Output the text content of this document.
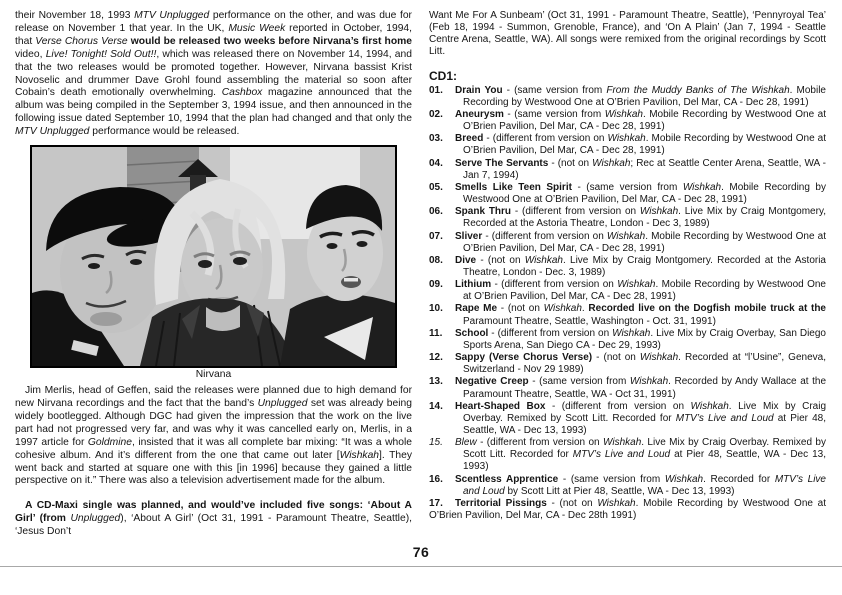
their November 18, 1993 MTV Unplugged performance on the other, and was due for release on November 1 that year. In the UK, Music Week reported in October, 1994, that Verse Chorus Verse would be released two weeks before Nirvana’s first home video, Live! Tonight! Sold Out!!, which was released there on November 14, 1994, and that the two releases would be promoted together. However, Nirvana bassist Krist Novoselic and drummer Dave Grohl found assembling the material so soon after Cobain’s death emotionally overwhelming. Cashbox magazine announced that the album was being compiled in the September 3, 1994 issue, and then announced in the following issue dated September 10, 1994 that the plan had changed and that only the MTV Unplugged performance would be released.

Nirvana

Jim Merlis, head of Geffen, said the releases were planned due to high demand for new Nirvana recordings and the fact that the band’s Unplugged set was already being widely bootlegged. Although DGC had given the impression that the work on the live part had not progressed very far, and was why it was cancelled early on, Merlis, in a 1997 article for Goldmine, insisted that it was all complete bar mixing: “It was a whole cohesive album. And it’s different from the one that came out later [Wishkah]. They went back and started at square one with this [in 1996] because they gained a little perspective on it.” There was also a television advertisement made for the album.

A CD-Maxi single was planned, and would’ve included five songs: ‘About A Girl’ (from Unplugged), ‘About A Girl’ (Oct 31, 1991 - Paramount Theatre, Seattle), ‘Jesus Don’t

Want Me For A Sunbeam’ (Oct 31, 1991 - Paramount Theatre, Seattle), ‘Pennyroyal Tea’ (Feb 18, 1994 - Summon, Grenoble, France), and ‘On A Plain’ (Jan 7, 1994 - Seattle Centre Arena, Seattle, WA). All songs were remixed from the original recordings by Scott Litt.

CD1:
01. Drain You - (same version from From the Muddy Banks of The Wishkah. Mobile Recording by Westwood One at O’Brien Pavilion, Del Mar, CA - Dec 28, 1991)
02. Aneurysm - (same version from Wishkah. Mobile Recording by Westwood One at O’Brien Pavilion, Del Mar, CA - Dec 28, 1991)
03. Breed - (different from version on Wishkah. Mobile Recording by Westwood One at O’Brien Pavilion, Del Mar, CA - Dec 28, 1991)
04. Serve The Servants - (not on Wishkah; Rec at Seattle Center Arena, Seattle, WA - Jan 7, 1994)
05. Smells Like Teen Spirit - (same version from Wishkah. Mobile Recording by Westwood One at O’Brien Pavilion, Del Mar, CA - Dec 28, 1991)
06. Spank Thru - (different from version on Wishkah. Live Mix by Craig Montgomery, Recorded at the Astoria Theatre, London - Dec 3, 1989)
07. Sliver - (different from version on Wishkah. Mobile Recording by Westwood One at O’Brien Pavilion, Del Mar, CA - Dec 28, 1991)
08. Dive - (not on Wishkah. Live Mix by Craig Montgomery. Recorded at the Astoria Theatre, London - Dec. 3, 1989)
09. Lithium - (different from version on Wishkah. Mobile Recording by Westwood One at O’Brien Pavilion, Del Mar, CA - Dec 28, 1991)
10. Rape Me - (not on Wishkah. Recorded live on the Dogfish mobile truck at the Paramount Theatre, Seattle, Washington - Oct. 31, 1991)
11. School - (different from version on Wishkah. Live Mix by Craig Overbay, San Diego Sports Arena, San Diego CA - Dec 29, 1993)
12. Sappy (Verse Chorus Verse) - (not on Wishkah. Recorded at “l’Usine”, Geneva, Switzerland - Nov 29 1989)
13. Negative Creep - (same version from Wishkah. Recorded by Andy Wallace at the Paramount Theatre, Seattle, WA - Oct 31, 1991)
14. Heart-Shaped Box - (different from version on Wishkah. Live Mix by Craig Overbay. Remixed by Scott Litt. Recorded for MTV’s Live and Loud at Pier 48, Seattle, WA - Dec 13, 1993)
15. Blew - (different from version on Wishkah. Live Mix by Craig Overbay. Remixed by Scott Litt. Recorded for MTV’s Live and Loud at Pier 48, Seattle, WA - Dec 13, 1993)
16. Scentless Apprentice - (same version from Wishkah. Recorded for MTV’s Live and Loud by Scott Litt at Pier 48, Seattle, WA - Dec 13, 1993)
17. Territorial Pissings - (not on Wishkah. Mobile Recording by Westwood One at O’Brien Pavilion, Del Mar, CA - Dec 28th 1991)
76
